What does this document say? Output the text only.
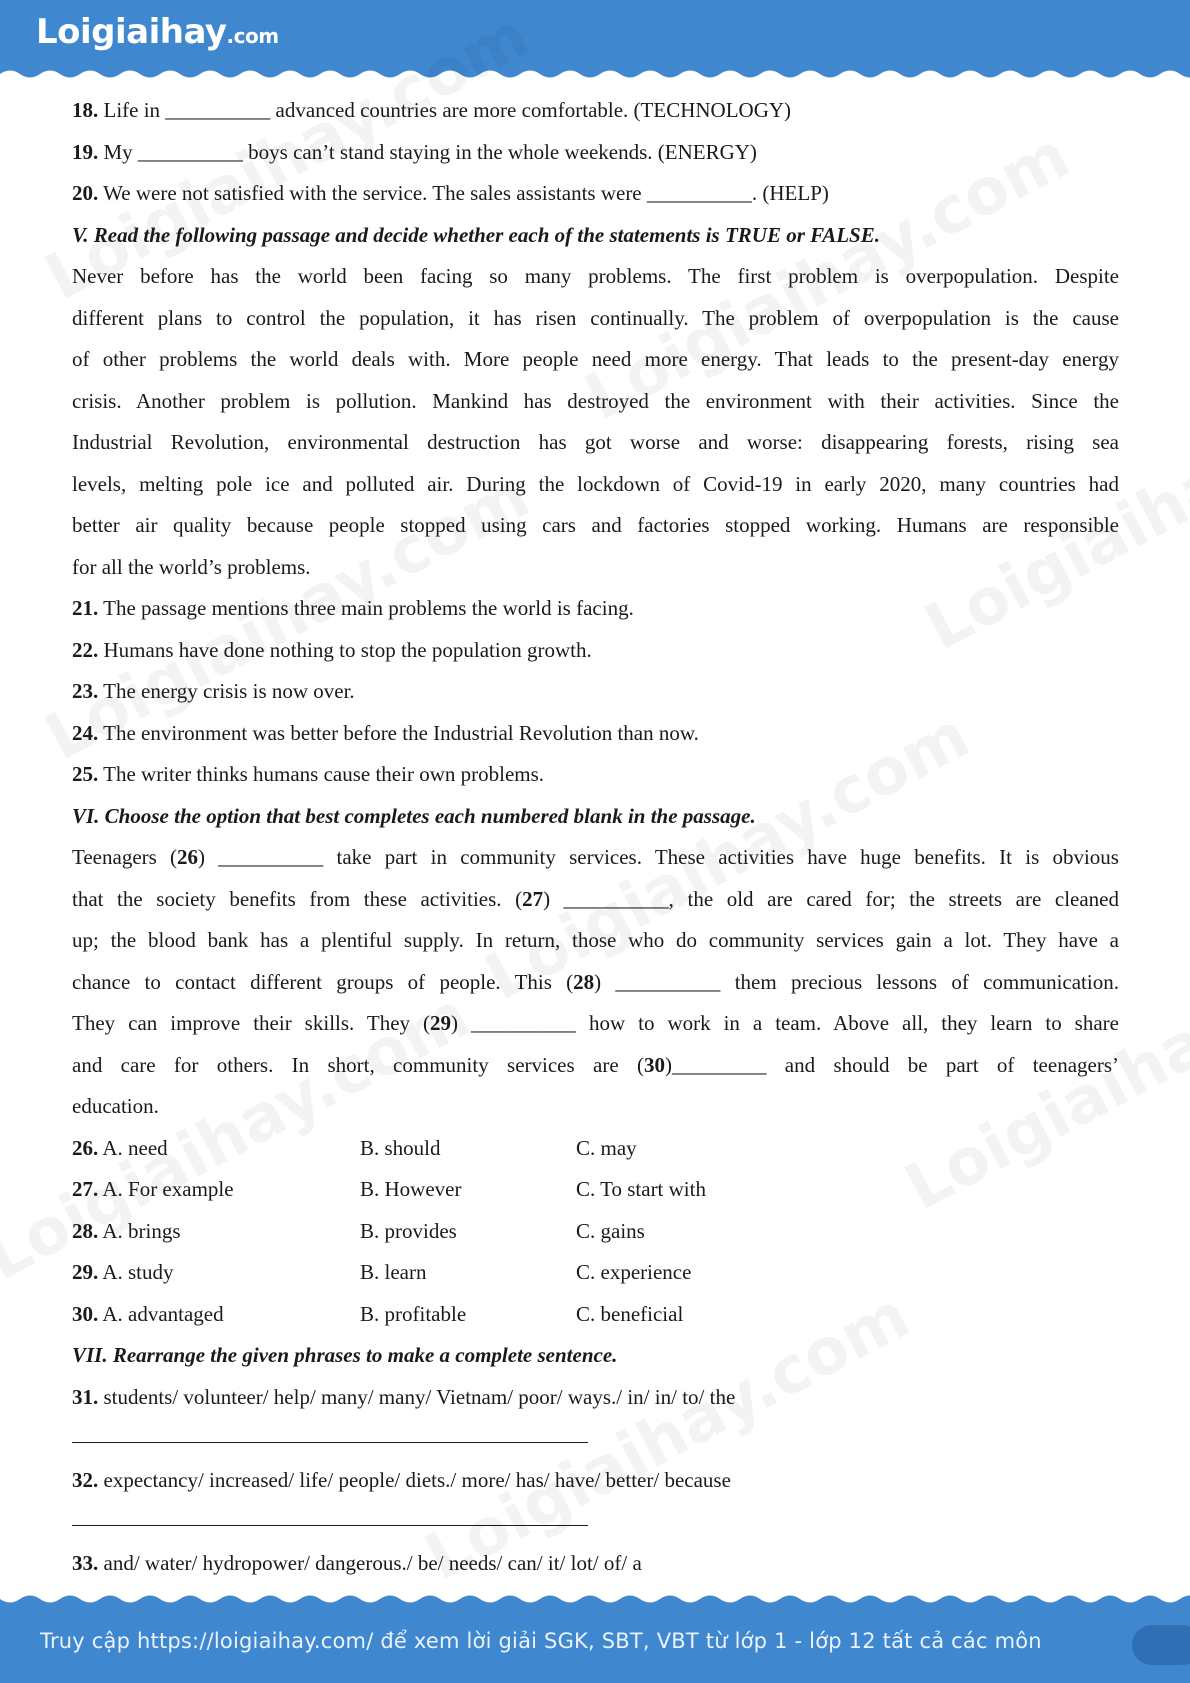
Loigiaihay.com
18. Life in __________ advanced countries are more comfortable. (TECHNOLOGY)
19. My __________ boys can’t stand staying in the whole weekends. (ENERGY)
20. We were not satisfied with the service. The sales assistants were __________. (HELP)
V. Read the following passage and decide whether each of the statements is TRUE or FALSE.
Never before has the world been facing so many problems. The first problem is overpopulation. Despite
different plans to control the population, it has risen continually. The problem of overpopulation is the cause
of other problems the world deals with. More people need more energy. That leads to the present-day energy
crisis. Another problem is pollution. Mankind has destroyed the environment with their activities. Since the
Industrial Revolution, environmental destruction has got worse and worse: disappearing forests, rising sea
levels, melting pole ice and polluted air. During the lockdown of Covid-19 in early 2020, many countries had
better air quality because people stopped using cars and factories stopped working. Humans are responsible
for all the world’s problems.
21. The passage mentions three main problems the world is facing.
22. Humans have done nothing to stop the population growth.
23. The energy crisis is now over.
24. The environment was better before the Industrial Revolution than now.
25. The writer thinks humans cause their own problems.
VI. Choose the option that best completes each numbered blank in the passage.
Teenagers (26) __________ take part in community services. These activities have huge benefits. It is obvious
that the society benefits from these activities. (27) __________, the old are cared for; the streets are cleaned
up; the blood bank has a plentiful supply. In return, those who do community services gain a lot. They have a
chance to contact different groups of people. This (28) __________ them precious lessons of communication.
They can improve their skills. They (29) __________ how to work in a team. Above all, they learn to share
and care for others. In short, community services are (30)_________ and should be part of teenagers’
education.
26. A. need	B. should	C. may
27. A. For example	B. However	C. To start with
28. A. brings	B. provides	C. gains
29. A. study	B. learn	C. experience
30. A. advantaged	B. profitable	C. beneficial
VII. Rearrange the given phrases to make a complete sentence.
31. students/ volunteer/ help/ many/ many/ Vietnam/ poor/ ways./ in/ in/ to/ the
32. expectancy/ increased/ life/ people/ diets./ more/ has/ have/ better/ because
33. and/ water/ hydropower/ dangerous./ be/ needs/ can/ it/ lot/ of/ a
Truy cập https://loigiaihay.com/ để xem lời giải SGK, SBT, VBT từ lớp 1 - lớp 12 tất cả các môn
